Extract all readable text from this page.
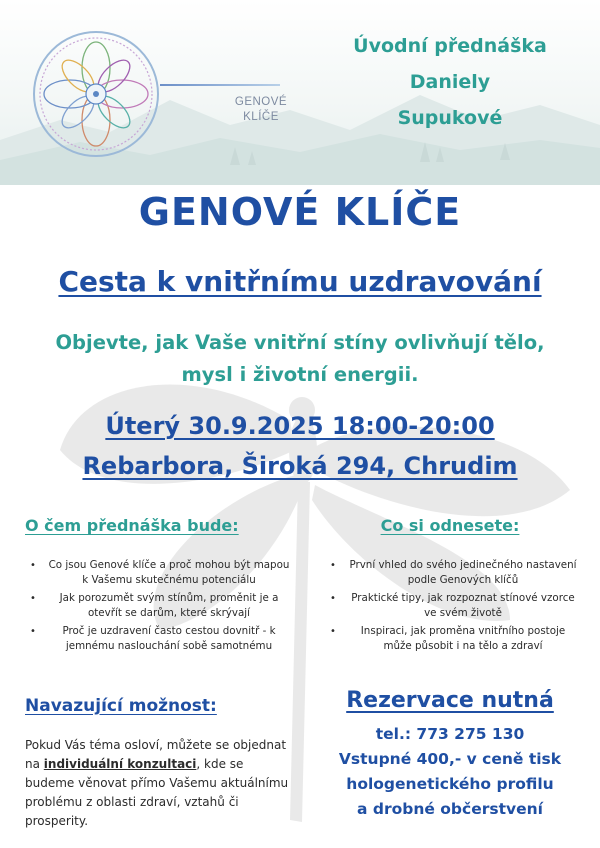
GENOVÉ
KLÍČE
Úvodní přednáška
Daniely
Supukové
GENOVÉ KLÍČE
Cesta k vnitřnímu uzdravování
Objevte, jak Vaše vnitřní stíny ovlivňují tělo,
mysl i životní energii.
Úterý 30.9.2025 18:00-20:00
Rebarbora, Široká 294, Chrudim
O čem přednáška bude:
• Co jsou Genové klíče a proč mohou být mapou k Vašemu skutečnému potenciálu
• Jak porozumět svým stínům, proměnit je a otevřít se darům, které skrývají
• Proč je uzdravení často cestou dovnitř - k jemnému naslouchání sobě samotnému
Co si odnesete:
• První vhled do svého jedinečného nastavení podle Genových klíčů
• Praktické tipy, jak rozpoznat stínové vzorce ve svém životě
• Inspiraci, jak proměna vnitřního postoje může působit i na tělo a zdraví
Navazující možnost:
Pokud Vás téma osloví, můžete se objednat na individuální konzultaci, kde se budeme věnovat přímo Vašemu aktuálnímu problému z oblasti zdraví, vztahů či prosperity.
Rezervace nutná
tel.: 773 275 130
Vstupné 400,- v ceně tisk
hologenetického profilu
a drobné občerstvení
